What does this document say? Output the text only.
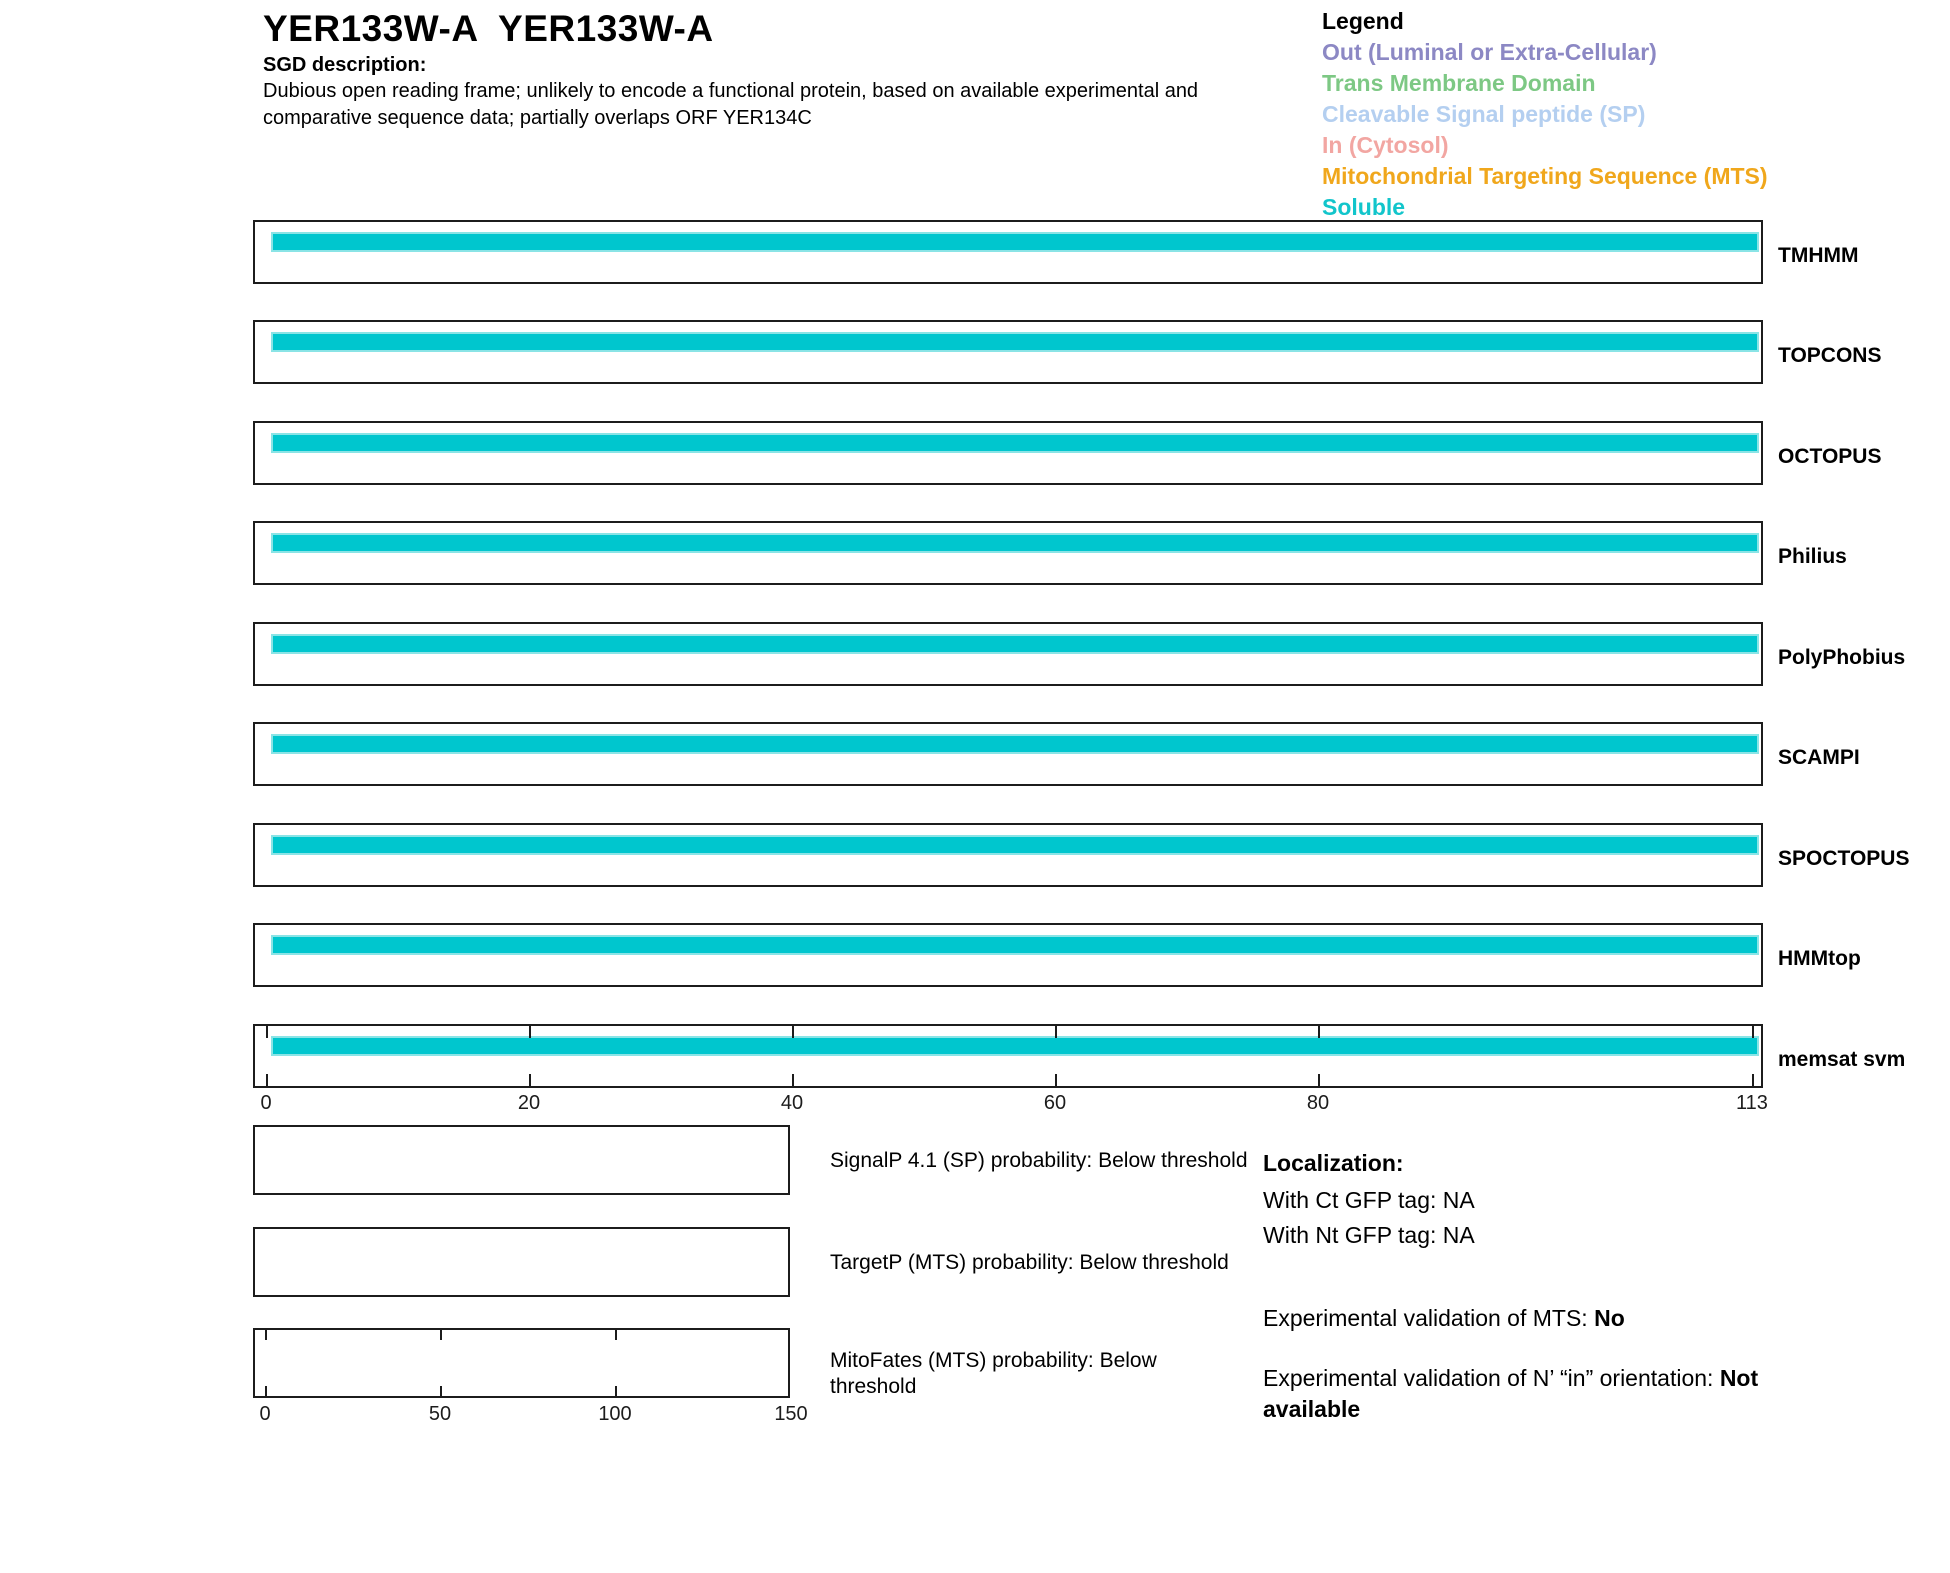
YER133W-A  YER133W-A
SGD description:
Dubious open reading frame; unlikely to encode a functional protein, based on available experimental and comparative sequence data; partially overlaps ORF YER134C
Legend
Out (Luminal or Extra-Cellular)
Trans Membrane Domain
Cleavable Signal peptide (SP)
In (Cytosol)
Mitochondrial Targeting Sequence (MTS)
Soluble
TMHMM
TOPCONS
OCTOPUS
Philius
PolyPhobius
SCAMPI
SPOCTOPUS
HMMtop
memsat svm
0	20	40	60	80	113
SignalP 4.1 (SP) probability: Below threshold
TargetP (MTS) probability: Below threshold
MitoFates (MTS) probability: Below threshold
0	50	100	150
Localization:
With Ct GFP tag: NA
With Nt GFP tag: NA
Experimental validation of MTS: No
Experimental validation of N’ “in” orientation: Not available
